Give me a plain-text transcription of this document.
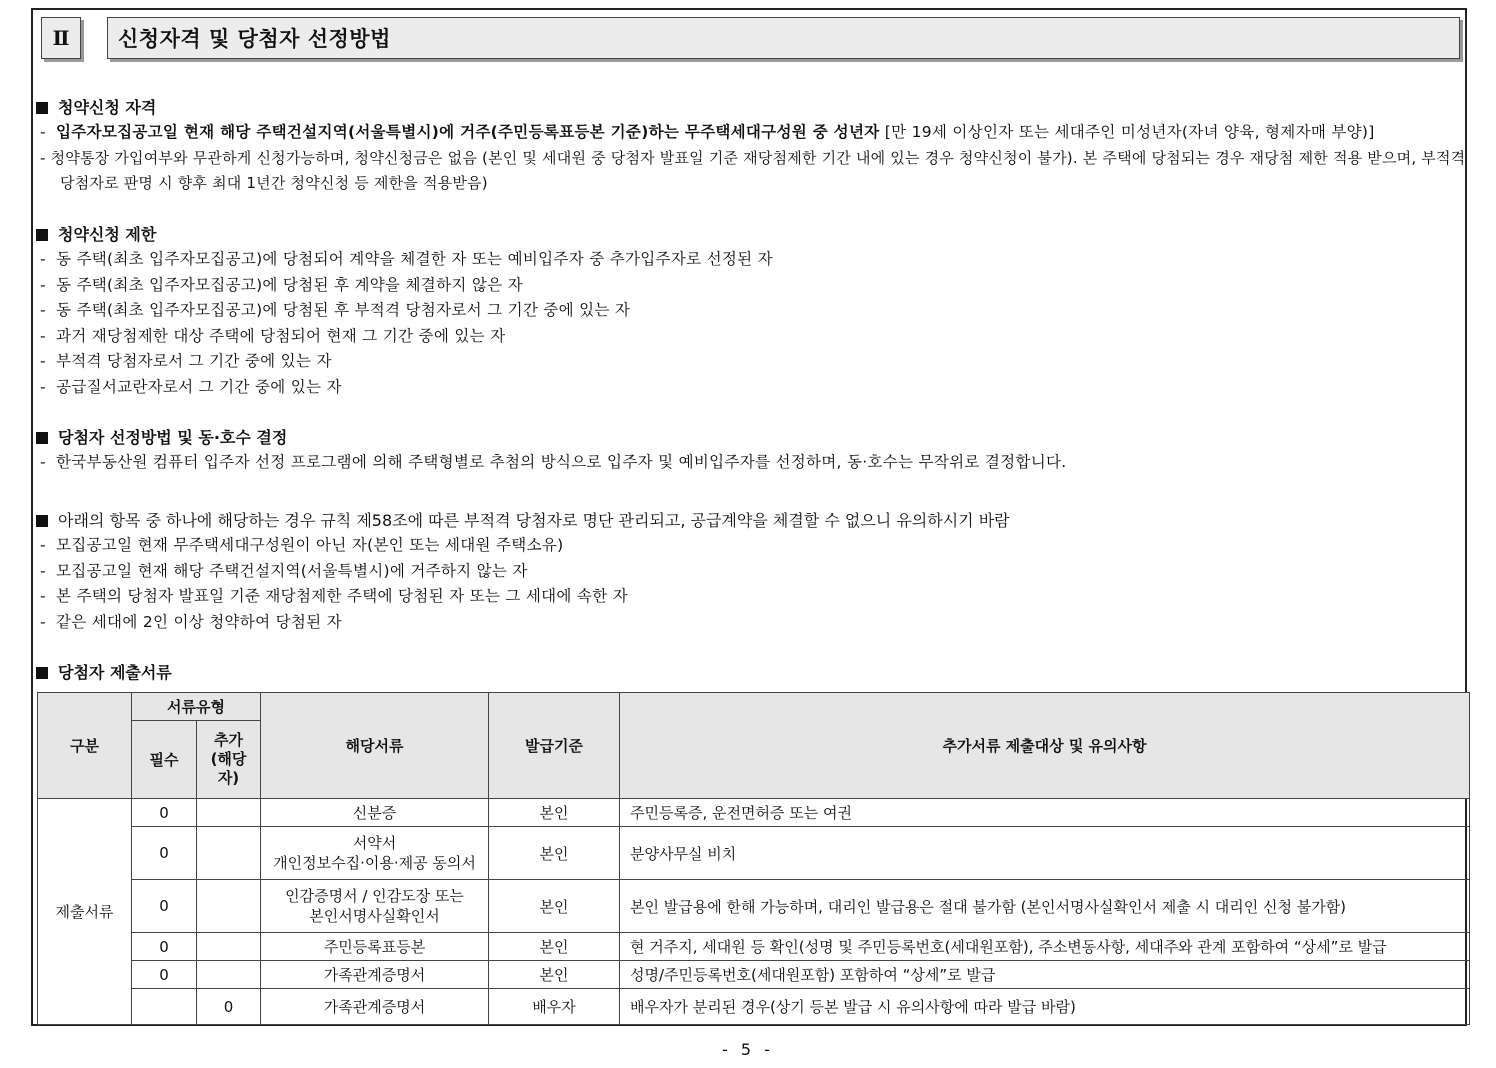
Ⅱ 신청자격 및 당첨자 선정방법
청약신청 자격
- 입주자모집공고일 현재 해당 주택건설지역(서울특별시)에 거주(주민등록표등본 기준)하는 무주택세대구성원 중 성년자 [만 19세 이상인자 또는 세대주인 미성년자(자녀 양육, 형제자매 부양)]
- 청약통장 가입여부와 무관하게 신청가능하며, 청약신청금은 없음 (본인 및 세대원 중 당첨자 발표일 기준 재당첨제한 기간 내에 있는 경우 청약신청이 불가). 본 주택에 당첨되는 경우 재당첨 제한 적용 받으며, 부적격 당첨자로 판명 시 향후 최대 1년간 청약신청 등 제한을 적용받음)
청약신청 제한
- 동 주택(최초 입주자모집공고)에 당첨되어 계약을 체결한 자 또는 예비입주자 중 추가입주자로 선정된 자
- 동 주택(최초 입주자모집공고)에 당첨된 후 계약을 체결하지 않은 자
- 동 주택(최초 입주자모집공고)에 당첨된 후 부적격 당첨자로서 그 기간 중에 있는 자
- 과거 재당첨제한 대상 주택에 당첨되어 현재 그 기간 중에 있는 자
- 부적격 당첨자로서 그 기간 중에 있는 자
- 공급질서교란자로서 그 기간 중에 있는 자
당첨자 선정방법 및 동·호수 결정
- 한국부동산원 컴퓨터 입주자 선정 프로그램에 의해 주택형별로 추첨의 방식으로 입주자 및 예비입주자를 선정하며, 동·호수는 무작위로 결정합니다.
아래의 항목 중 하나에 해당하는 경우 규칙 제58조에 따른 부적격 당첨자로 명단 관리되고, 공급계약을 체결할 수 없으니 유의하시기 바람
- 모집공고일 현재 무주택세대구성원이 아닌 자(본인 또는 세대원 주택소유)
- 모집공고일 현재 해당 주택건설지역(서울특별시)에 거주하지 않는 자
- 본 주택의 당첨자 발표일 기준 재당첨제한 주택에 당첨된 자 또는 그 세대에 속한 자
- 같은 세대에 2인 이상 청약하여 당첨된 자
당첨자 제출서류
구분	서류유형		해당서류	발급기준	추가서류 제출대상 및 유의사항
	필수	추가 (해당 자)			
제출서류	0		신분증	본인	주민등록증, 운전면허증 또는 여권
	0		서약서
개인정보수집·이용·제공 동의서	본인	분양사무실 비치
	0		인감증명서 / 인감도장 또는
본인서명사실확인서	본인	본인 발급용에 한해 가능하며, 대리인 발급용은 절대 불가함 (본인서명사실확인서 제출 시 대리인 신청 불가함)
	0		주민등록표등본	본인	현 거주지, 세대원 등 확인(성명 및 주민등록번호(세대원포함), 주소변동사항, 세대주와 관계 포함하여 “상세”로 발급
	0		가족관계증명서	본인	성명/주민등록번호(세대원포함) 포함하여 “상세”로 발급
		0	가족관계증명서	배우자	배우자가 분리된 경우(상기 등본 발급 시 유의사항에 따라 발급 바람)
- 5 -
